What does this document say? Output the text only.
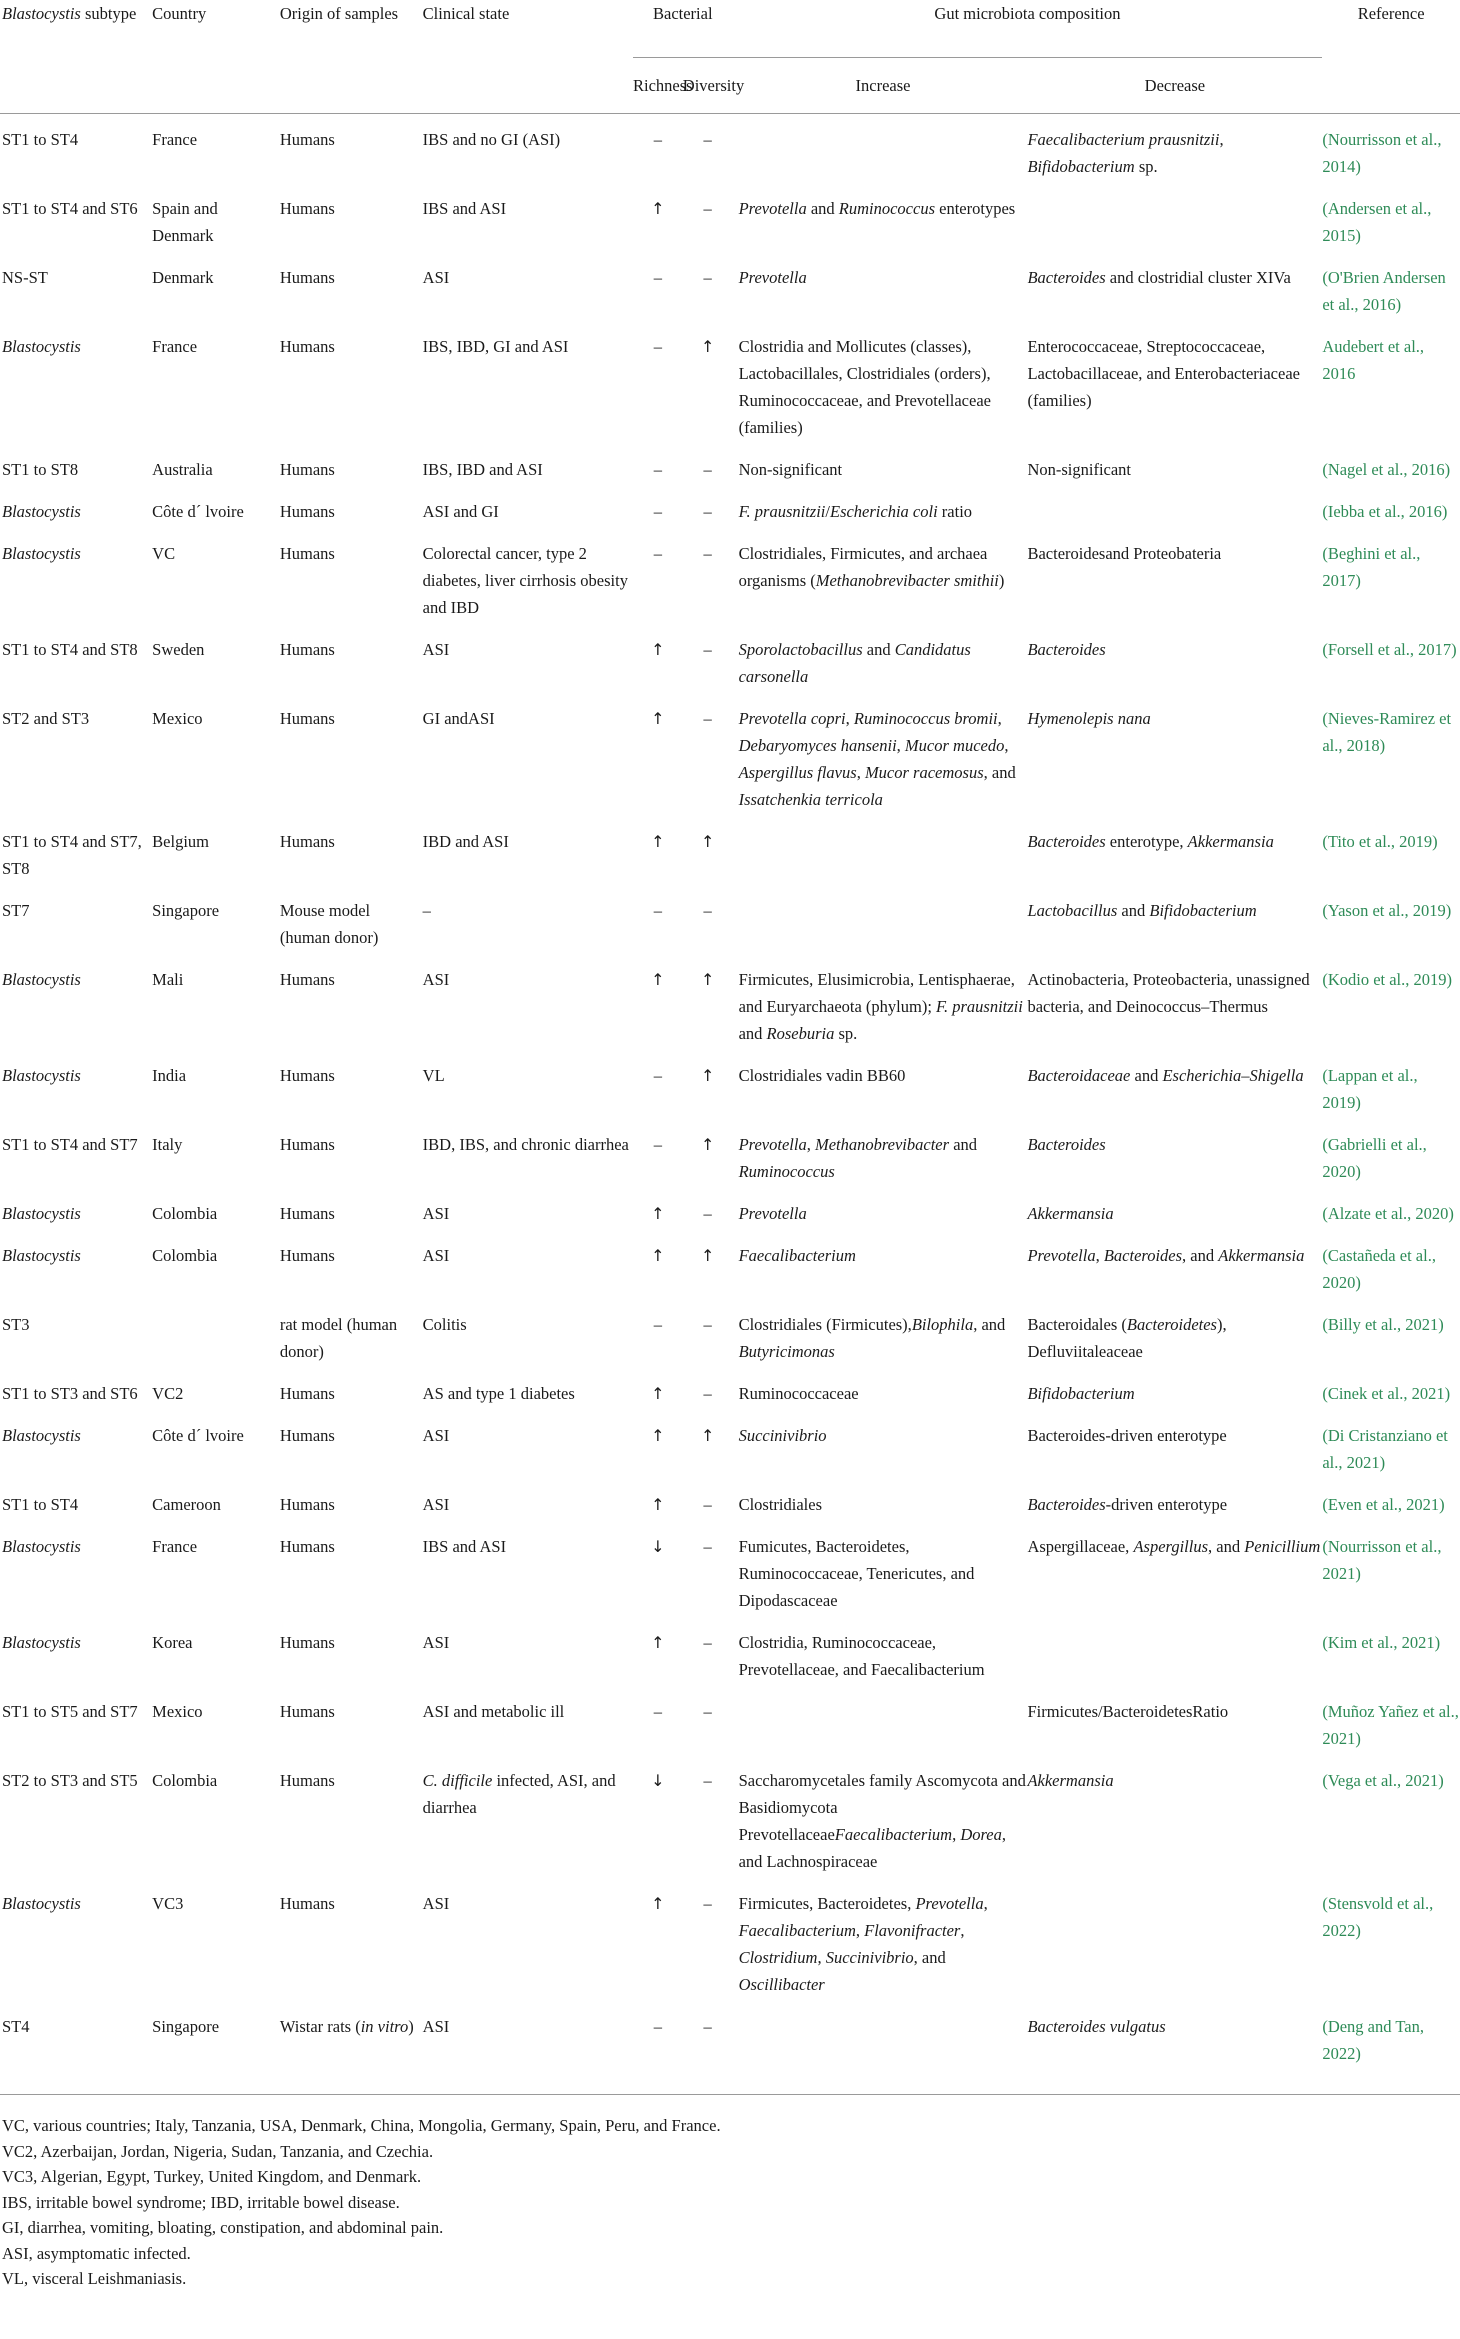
Blastocystis subtype	Country	Origin of samples	Clinical state	Bacterial		Gut microbiota composition		Reference
				Richness	Diversity	Increase	Decrease	

ST1 to ST4	France	Humans	IBS and no GI (ASI)	–	–		Faecalibacterium prausnitzii, Bifidobacterium sp.	(Nourrisson et al., 2014)
ST1 to ST4 and ST6	Spain and Denmark	Humans	IBS and ASI	↑	–	Prevotella and Ruminococcus enterotypes		(Andersen et al., 2015)
NS-ST	Denmark	Humans	ASI	–	–	Prevotella	Bacteroides and clostridial cluster XIVa	(O'Brien Andersen et al., 2016)
Blastocystis	France	Humans	IBS, IBD, GI and ASI	–	↑	Clostridia and Mollicutes (classes), Lactobacillales, Clostridiales (orders), Ruminococcaceae, and Prevotellaceae (families)	Enterococcaceae, Streptococcaceae, Lactobacillaceae, and Enterobacteriaceae (families)	Audebert et al., 2016
ST1 to ST8	Australia	Humans	IBS, IBD and ASI	–	–	Non-significant	Non-significant	(Nagel et al., 2016)
Blastocystis	Côte d´ lvoire	Humans	ASI and GI	–	–	F. prausnitzii/Escherichia coli ratio		(Iebba et al., 2016)
Blastocystis	VC	Humans	Colorectal cancer, type 2 diabetes, liver cirrhosis obesity and IBD	–	–	Clostridiales, Firmicutes, and archaea organisms (Methanobrevibacter smithii)	Bacteroidesand Proteobateria	(Beghini et al., 2017)
ST1 to ST4 and ST8	Sweden	Humans	ASI	↑	–	Sporolactobacillus and Candidatus carsonella	Bacteroides	(Forsell et al., 2017)
ST2 and ST3	Mexico	Humans	GI andASI	↑	–	Prevotella copri, Ruminococcus bromii, Debaryomyces hansenii, Mucor mucedo, Aspergillus flavus, Mucor racemosus, and Issatchenkia terricola	Hymenolepis nana	(Nieves-Ramirez et al., 2018)
ST1 to ST4 and ST7, ST8	Belgium	Humans	IBD and ASI	↑	↑		Bacteroides enterotype, Akkermansia	(Tito et al., 2019)
ST7	Singapore	Mouse model (human donor)	–	–	–		Lactobacillus and Bifidobacterium	(Yason et al., 2019)
Blastocystis	Mali	Humans	ASI	↑	↑	Firmicutes, Elusimicrobia, Lentisphaerae, and Euryarchaeota (phylum); F. prausnitzii and Roseburia sp.	Actinobacteria, Proteobacteria, unassigned bacteria, and Deinococcus–Thermus	(Kodio et al., 2019)
Blastocystis	India	Humans	VL	–	↑	Clostridiales vadin BB60	Bacteroidaceae and Escherichia–Shigella	(Lappan et al., 2019)
ST1 to ST4 and ST7	Italy	Humans	IBD, IBS, and chronic diarrhea	–	↑	Prevotella, Methanobrevibacter and Ruminococcus	Bacteroides	(Gabrielli et al., 2020)
Blastocystis	Colombia	Humans	ASI	↑	–	Prevotella	Akkermansia	(Alzate et al., 2020)
Blastocystis	Colombia	Humans	ASI	↑	↑	Faecalibacterium	Prevotella, Bacteroides, and Akkermansia	(Castañeda et al., 2020)
ST3		rat model (human donor)	Colitis	–	–	Clostridiales (Firmicutes),Bilophila, and Butyricimonas	Bacteroidales (Bacteroidetes), Defluviitaleaceae	(Billy et al., 2021)
ST1 to ST3 and ST6	VC2	Humans	AS and type 1 diabetes	↑	–	Ruminococcaceae	Bifidobacterium	(Cinek et al., 2021)
Blastocystis	Côte d´ lvoire	Humans	ASI	↑	↑	Succinivibrio	Bacteroides-driven enterotype	(Di Cristanziano et al., 2021)
ST1 to ST4	Cameroon	Humans	ASI	↑	–	Clostridiales	Bacteroides-driven enterotype	(Even et al., 2021)
Blastocystis	France	Humans	IBS and ASI	↓	–	Fumicutes, Bacteroidetes, Ruminococcaceae, Tenericutes, and Dipodascaceae	Aspergillaceae, Aspergillus, and Penicillium	(Nourrisson et al., 2021)
Blastocystis	Korea	Humans	ASI	↑	–	Clostridia, Ruminococcaceae, Prevotellaceae, and Faecalibacterium		(Kim et al., 2021)
ST1 to ST5 and ST7	Mexico	Humans	ASI and metabolic ill	–	–		Firmicutes/BacteroidetesRatio	(Muñoz Yañez et al., 2021)
ST2 to ST3 and ST5	Colombia	Humans	C. difficile infected, ASI, and diarrhea	↓	–	Saccharomycetales family Ascomycota and Basidiomycota PrevotellaceaeFaecalibacterium, Dorea, and Lachnospiraceae	Akkermansia	(Vega et al., 2021)
Blastocystis	VC3	Humans	ASI	↑	–	Firmicutes, Bacteroidetes, Prevotella, Faecalibacterium, Flavonifracter, Clostridium, Succinivibrio, and Oscillibacter		(Stensvold et al., 2022)
ST4	Singapore	Wistar rats (in vitro)	ASI	–	–		Bacteroides vulgatus	(Deng and Tan, 2022)
VC, various countries; Italy, Tanzania, USA, Denmark, China, Mongolia, Germany, Spain, Peru, and France.
VC2, Azerbaijan, Jordan, Nigeria, Sudan, Tanzania, and Czechia.
VC3, Algerian, Egypt, Turkey, United Kingdom, and Denmark.
IBS, irritable bowel syndrome; IBD, irritable bowel disease.
GI, diarrhea, vomiting, bloating, constipation, and abdominal pain.
ASI, asymptomatic infected.
VL, visceral Leishmaniasis.
